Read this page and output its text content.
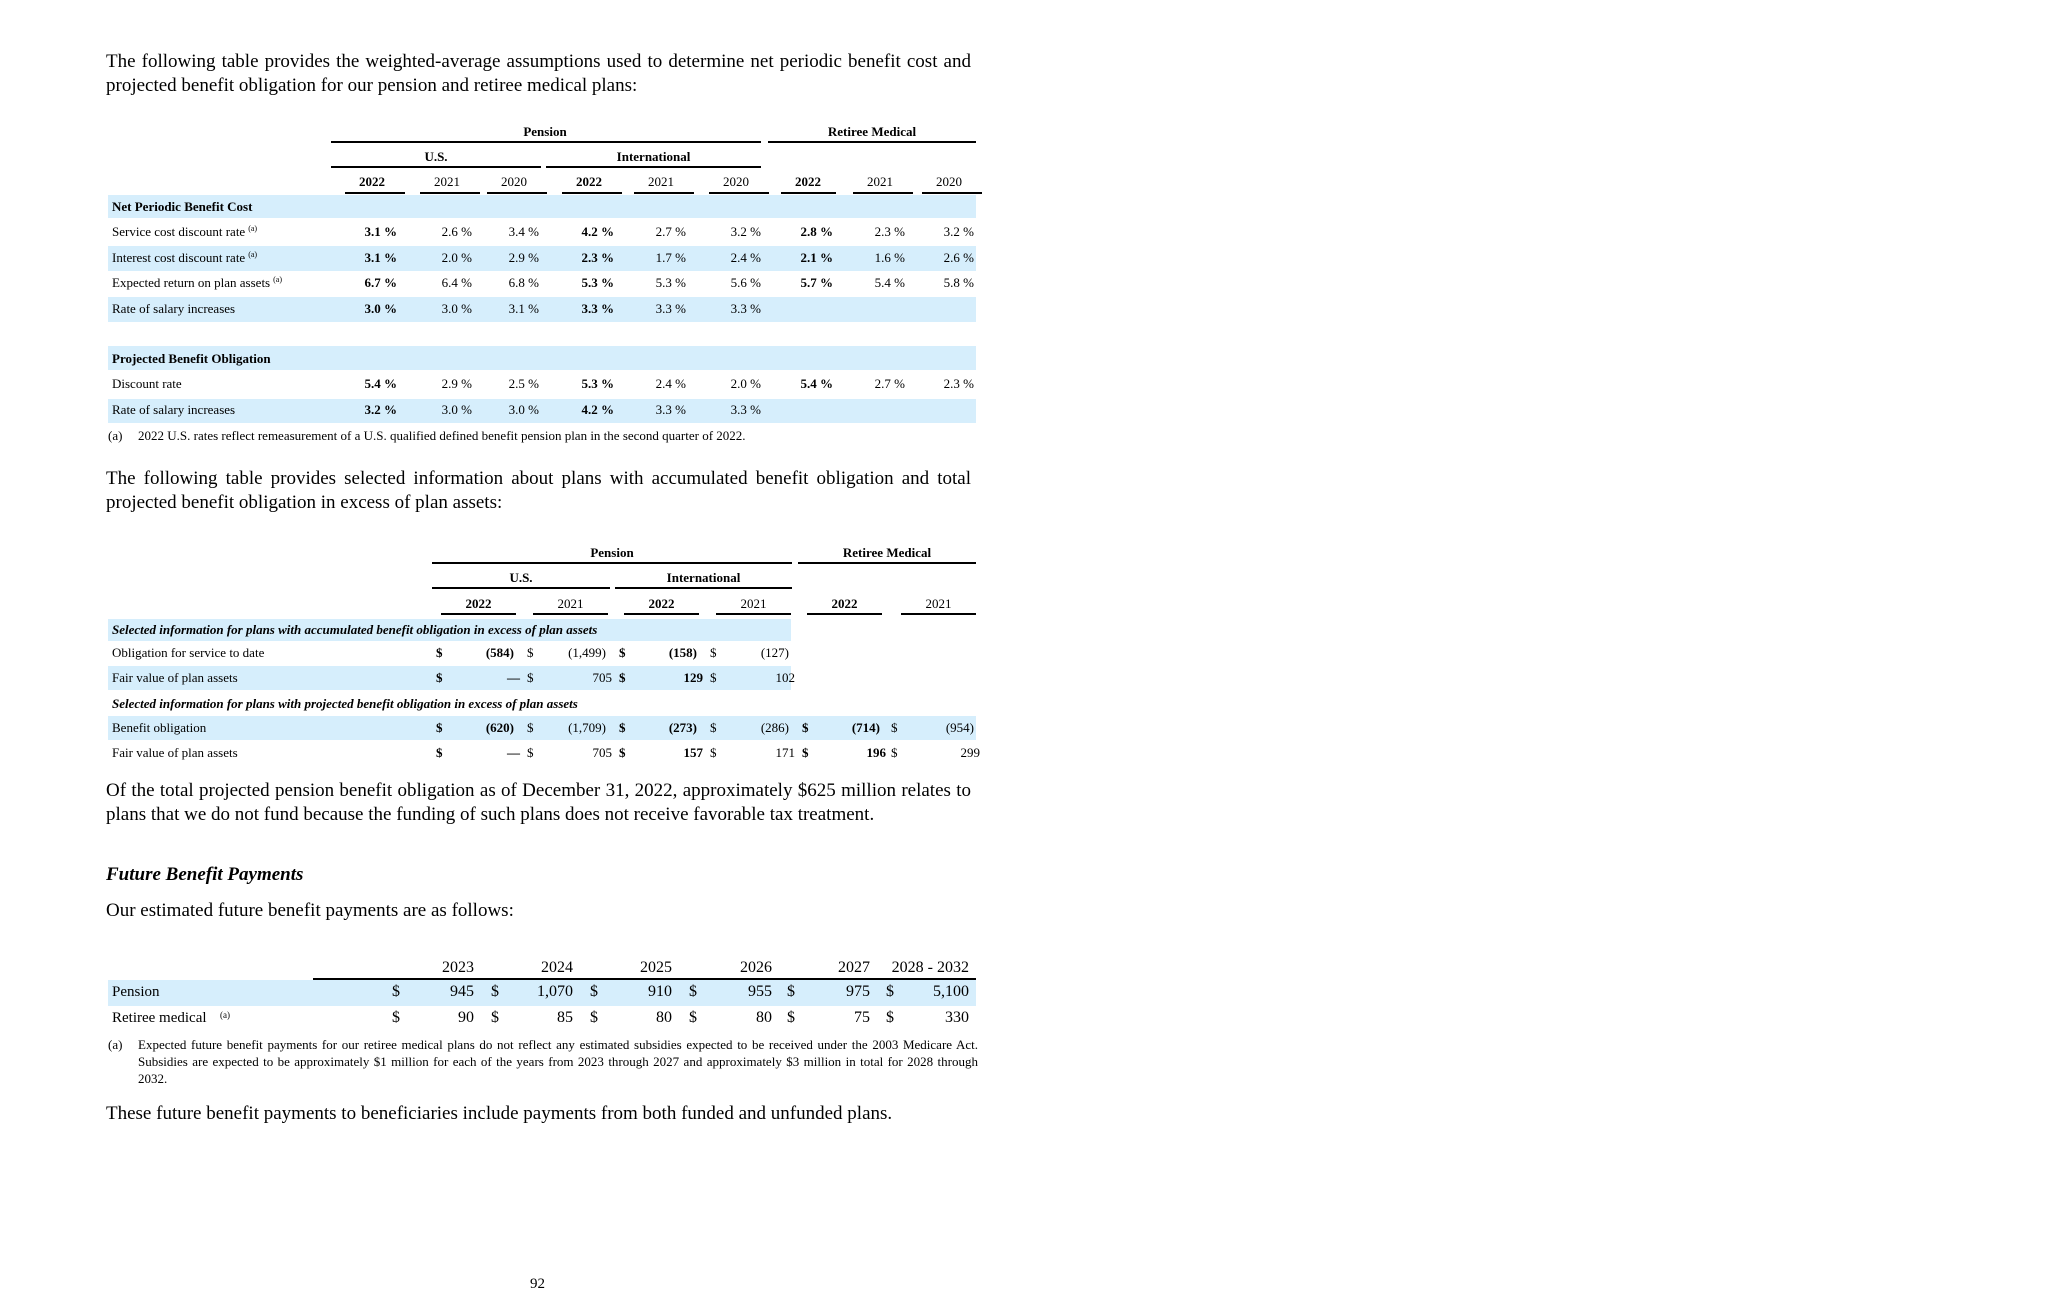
The following table provides the weighted-average assumptions used to determine net periodic benefit cost and projected benefit obligation for our pension and retiree medical plans:

Pension	Retiree Medical
U.S.	International
2022	2021	2020	2022	2021	2020	2022	2021	2020
Net Periodic Benefit Cost
Projected Benefit Obligation
Service cost discount rate (a)	3.1 %	2.6 %	3.4 %	4.2 %	2.7 %	3.2 %	2.8 %	2.3 %	3.2 %
Interest cost discount rate (a)	3.1 %	2.0 %	2.9 %	2.3 %	1.7 %	2.4 %	2.1 %	1.6 %	2.6 %
Expected return on plan assets (a)	6.7 %	6.4 %	6.8 %	5.3 %	5.3 %	5.6 %	5.7 %	5.4 %	5.8 %
Rate of salary increases	3.0 %	3.0 %	3.1 %	3.3 %	3.3 %	3.3 %
Discount rate	5.4 %	2.9 %	2.5 %	5.3 %	2.4 %	2.0 %	5.4 %	2.7 %	2.3 %
Rate of salary increases	3.2 %	3.0 %	3.0 %	4.2 %	3.3 %	3.3 %
(a) 2022 U.S. rates reflect remeasurement of a U.S. qualified defined benefit pension plan in the second quarter of 2022.

The following table provides selected information about plans with accumulated benefit obligation and total projected benefit obligation in excess of plan assets:

Pension	Retiree Medical
U.S.	International
2022	2021	2022	2021	2022	2021
Selected information for plans with accumulated benefit obligation in excess of plan assets
Selected information for plans with projected benefit obligation in excess of plan assets
Obligation for service to date	$	(584) $	(1,499) $	(158) $	(127)
Fair value of plan assets	$	— $	705 $	129 $	102
Benefit obligation	$	(620) $	(1,709) $	(273) $	(286) $	(714) $	(954)
Fair value of plan assets	$	— $	705 $	157 $	171 $	196 $	299

Of the total projected pension benefit obligation as of December 31, 2022, approximately $625 million relates to plans that we do not fund because the funding of such plans does not receive favorable tax treatment.

Future Benefit Payments

Our estimated future benefit payments are as follows:

2023	2024	2025	2026	2027	2028 - 2032
Pension	$	945 $	1,070 $	910 $	955 $	975 $	5,100
Retiree medical (a)	$	90 $	85 $	80 $	80 $	75 $	330
(a) Expected future benefit payments for our retiree medical plans do not reflect any estimated subsidies expected to be received under the 2003 Medicare Act. Subsidies are expected to be approximately $1 million for each of the years from 2023 through 2027 and approximately $3 million in total for 2028 through 2032.

These future benefit payments to beneficiaries include payments from both funded and unfunded plans.

92
